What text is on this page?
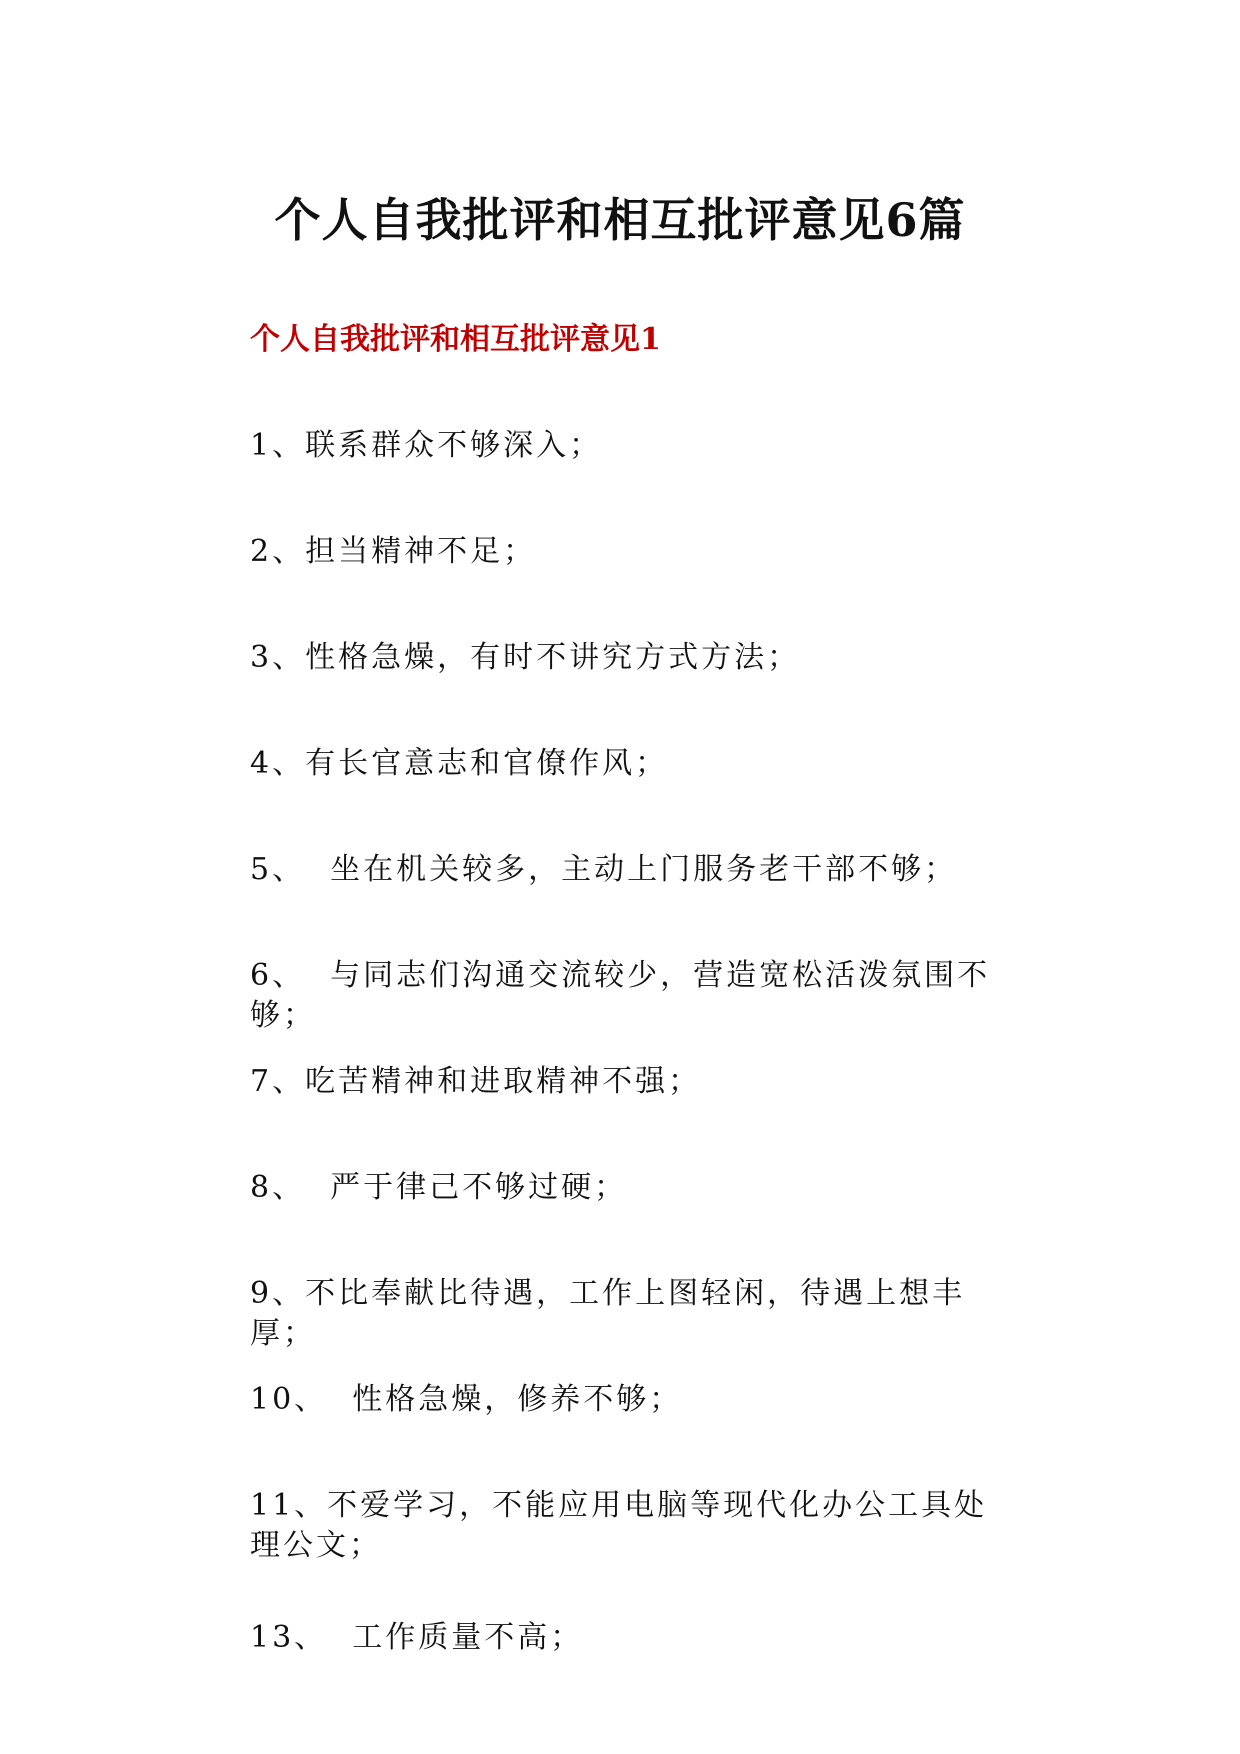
个人自我批评和相互批评意见6篇
个人自我批评和相互批评意见1
1、联系群众不够深入；
2、担当精神不足；
3、性格急燥，有时不讲究方式方法；
4、有长官意志和官僚作风；
5、  坐在机关较多，主动上门服务老干部不够；
6、  与同志们沟通交流较少，营造宽松活泼氛围不够；
7、吃苦精神和进取精神不强；
8、  严于律己不够过硬；
9、不比奉献比待遇，工作上图轻闲，待遇上想丰厚；
10、  性格急燥，修养不够；
11、不爱学习，不能应用电脑等现代化办公工具处理公文；
13、  工作质量不高；
